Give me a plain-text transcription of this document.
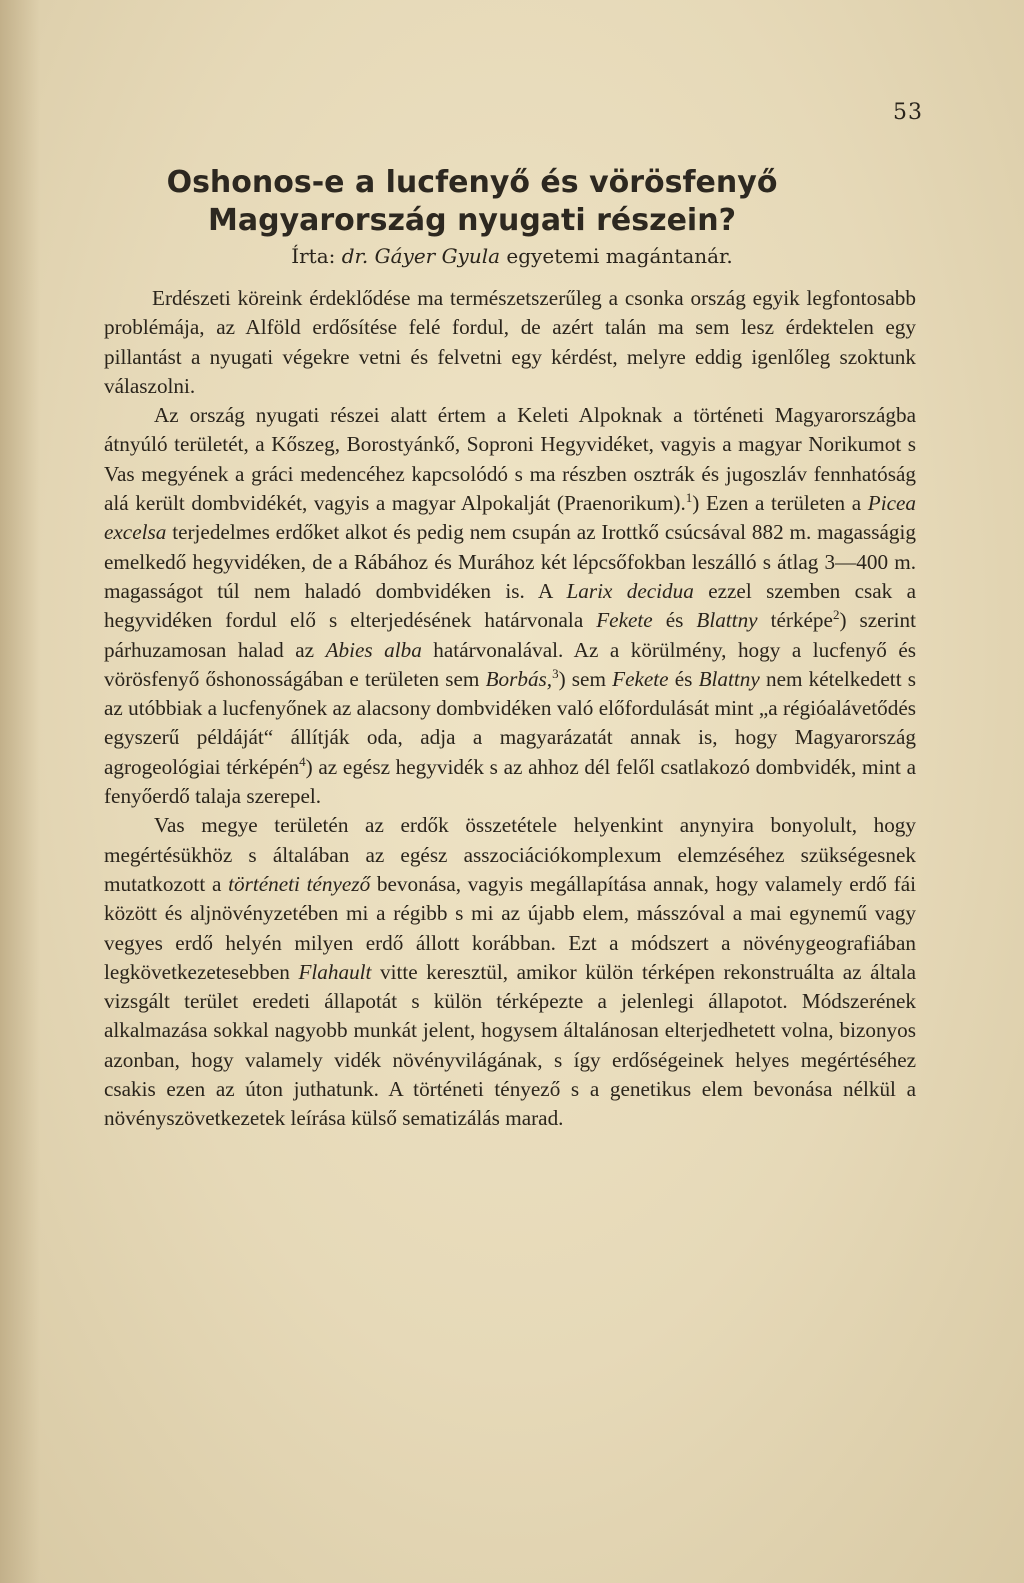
53
Oshonos-e a lucfenyő és vörösfenyő
Magyarország nyugati részein?
Írta: dr. Gáyer Gyula egyetemi magántanár.

Erdészeti köreink érdeklődése ma természetszerűleg a csonka ország egyik legfontosabb problémája, az Alföld erdősítése felé fordul, de azért talán ma sem lesz érdektelen egy pillantást a nyugati végekre vetni és felvetni egy kérdést, melyre eddig igenlőleg szoktunk válaszolni.

Az ország nyugati részei alatt értem a Keleti Alpoknak a történeti Magyarországba átnyúló területét, a Kőszeg, Borostyánkő, Soproni Hegyvidéket, vagyis a magyar Norikumot s Vas megyének a gráci medencéhez kapcsolódó s ma részben osztrák és jugoszláv fennhatóság alá került dombvidékét, vagyis a magyar Alpokalját (Praenorikum).$^1$) Ezen a területen a Picea excelsa terjedelmes erdőket alkot és pedig nem csupán az Irottkő csúcsával 882 m. magasságig emelkedő hegyvidéken, de a Rábához és Murához két lépcsőfokban leszálló s átlag 3—400 m. magasságot túl nem haladó dombvidéken is. A Larix decidua ezzel szemben csak a hegyvidéken fordul elő s elterjedésének határvonala Fekete és Blattny térképe$^2$) szerint párhuzamosan halad az Abies alba határvonalával. Az a körülmény, hogy a lucfenyő és vörösfenyő őshonosságában e területen sem Borbás,$^3$) sem Fekete és Blattny nem kételkedett s az utóbbiak a lucfenyőnek az alacsony dombvidéken való előfordulását mint „a régióalávetődés egyszerű példáját“ állítják oda, adja a magyarázatát annak is, hogy Magyarország agrogeológiai térképén$^4$) az egész hegyvidék s az ahhoz dél felől csatlakozó dombvidék, mint a fenyőerdő talaja szerepel.

Vas megye területén az erdők összetétele helyenkint anynyira bonyolult, hogy megértésükhöz s általában az egész asszociációkomplexum elemzéséhez szükségesnek mutatkozott a történeti tényező bevonása, vagyis megállapítása annak, hogy valamely erdő fái között és aljnövényzetében mi a régibb s mi az újabb elem, másszóval a mai egynemű vagy vegyes erdő helyén milyen erdő állott korábban. Ezt a módszert a növénygeografiában legkövetkezetesebben Flahault vitte keresztül, amikor külön térképen rekonstruálta az általa vizsgált terület eredeti állapotát s külön térképezte a jelenlegi állapotot. Módszerének alkalmazása sokkal nagyobb munkát jelent, hogysem általánosan elterjedhetett volna, bizonyos azonban, hogy valamely vidék növényvilágának, s így erdőségeinek helyes megértéséhez csakis ezen az úton juthatunk. A történeti tényező s a genetikus elem bevonása nélkül a növényszövetkezetek leírása külső sematizálás marad.
